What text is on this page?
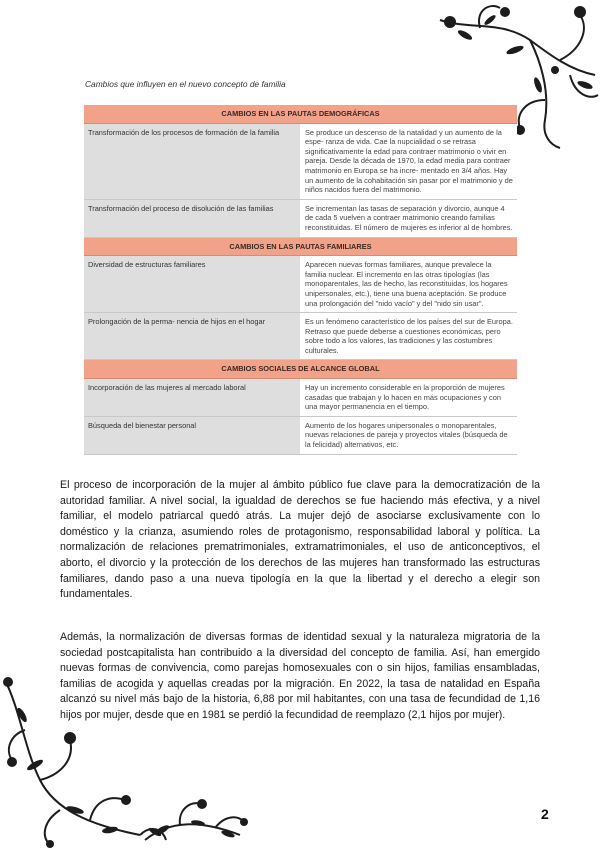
Cambios que influyen en el nuevo concepto de familia
CAMBIOS EN LAS PAUTAS DEMOGRÁFICAS	
Transformación de los procesos de formación de la familia	Se produce un descenso de la natalidad y un aumento de la espe- ranza de vida. Cae la nupcialidad o se retrasa significativamente la edad para contraer matrimonio o vivir en pareja. Desde la década de 1970, la edad media para contraer matrimonio en Europa se ha incre- mentado en 3/4 años. Hay un aumento de la cohabitación sin pasar por el matrimonio y de niños nacidos fuera del matrimonio.
Transformación del proceso de disolución de las familias	Se incrementan las tasas de separación y divorcio, aunque 4 de cada 5 vuelven a contraer matrimonio creando familias reconstituidas. El número de mujeres es inferior al de hombres.
CAMBIOS EN LAS PAUTAS FAMILIARES	
Diversidad de estructuras familiares	Aparecen nuevas formas familiares, aunque prevalece la familia nuclear. El incremento en las otras tipologías (las monoparentales, las de hecho, las reconstituidas, los hogares unipersonales, etc.), tiene una buena aceptación. Se produce una prolongación del "nido vacío" y del "nido sin usar".
Prolongación de la perma- nencia de hijos en el hogar	Es un fenómeno característico de los países del sur de Europa. Retraso que puede deberse a cuestiones económicas, pero sobre todo a los valores, las tradiciones y las costumbres culturales.
CAMBIOS SOCIALES DE ALCANCE GLOBAL	
Incorporación de las mujeres al mercado laboral	Hay un incremento considerable en la proporción de mujeres casadas que trabajan y lo hacen en más ocupaciones y con una mayor permanencia en el tiempo.
Búsqueda del bienestar personal	Aumento de los hogares unipersonales o monoparentales, nuevas relaciones de pareja y proyectos vitales (búsqueda de la felicidad) alternativos, etc.

El proceso de incorporación de la mujer al ámbito público fue clave para la democratización de la autoridad familiar. A nivel social, la igualdad de derechos se fue haciendo más efectiva, y a nivel familiar, el modelo patriarcal quedó atrás. La mujer dejó de asociarse exclusivamente con lo doméstico y la crianza, asumiendo roles de protagonismo, responsabilidad laboral y política. La normalización de relaciones prematrimoniales, extramatrimoniales, el uso de anticonceptivos, el aborto, el divorcio y la protección de los derechos de las mujeres han transformado las estructuras familiares, dando paso a una nueva tipología en la que la libertad y el derecho a elegir son fundamentales.

Además, la normalización de diversas formas de identidad sexual y la naturaleza migratoria de la sociedad postcapitalista han contribuido a la diversidad del concepto de familia. Así, han emergido nuevas formas de convivencia, como parejas homosexuales con o sin hijos, familias ensambladas, familias de acogida y aquellas creadas por la migración. En 2022, la tasa de natalidad en España alcanzó su nivel más bajo de la historia, 6,88 por mil habitantes, con una tasa de fecundidad de 1,16 hijos por mujer, desde que en 1981 se perdió la fecundidad de reemplazo (2,1 hijos por mujer).

2
